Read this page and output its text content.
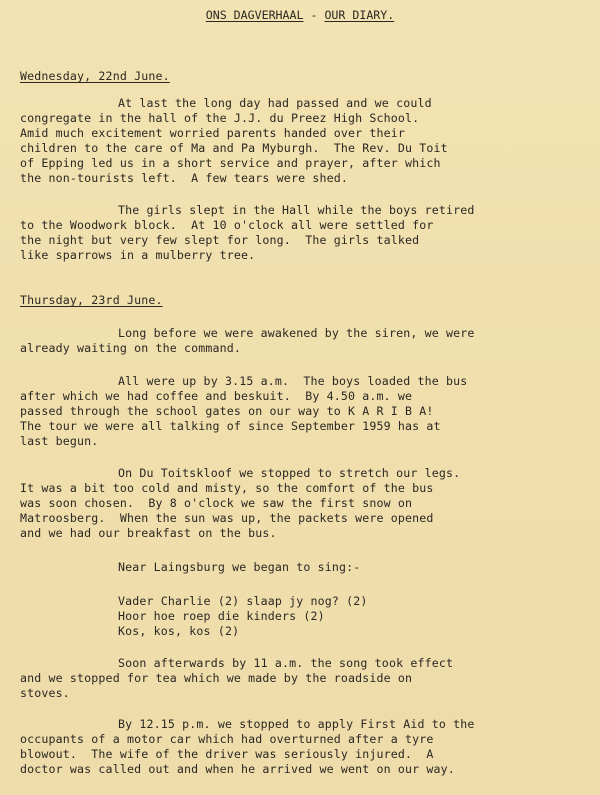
ONS DAGVERHAAL - OUR DIARY.
Wednesday, 22nd June.
At last the long day had passed and we could
congregate in the hall of the J.J. du Preez High School.
Amid much excitement worried parents handed over their
children to the care of Ma and Pa Myburgh.  The Rev. Du Toit
of Epping led us in a short service and prayer, after which
the non-tourists left.  A few tears were shed.
The girls slept in the Hall while the boys retired
to the Woodwork block.  At 10 o'clock all were settled for
the night but very few slept for long.  The girls talked
like sparrows in a mulberry tree.
Thursday, 23rd June.
Long before we were awakened by the siren, we were
already waiting on the command.
All were up by 3.15 a.m.  The boys loaded the bus
after which we had coffee and beskuit.  By 4.50 a.m. we
passed through the school gates on our way to K A R I B A!
The tour we were all talking of since September 1959 has at
last begun.
On Du Toitskloof we stopped to stretch our legs.
It was a bit too cold and misty, so the comfort of the bus
was soon chosen.  By 8 o'clock we saw the first snow on
Matroosberg.  When the sun was up, the packets were opened
and we had our breakfast on the bus.
Near Laingsburg we began to sing:-
Vader Charlie (2) slaap jy nog? (2)
Hoor hoe roep die kinders (2)
Kos, kos, kos (2)
Soon afterwards by 11 a.m. the song took effect
and we stopped for tea which we made by the roadside on
stoves.
By 12.15 p.m. we stopped to apply First Aid to the
occupants of a motor car which had overturned after a tyre
blowout.  The wife of the driver was seriously injured.  A
doctor was called out and when he arrived we went on our way.
